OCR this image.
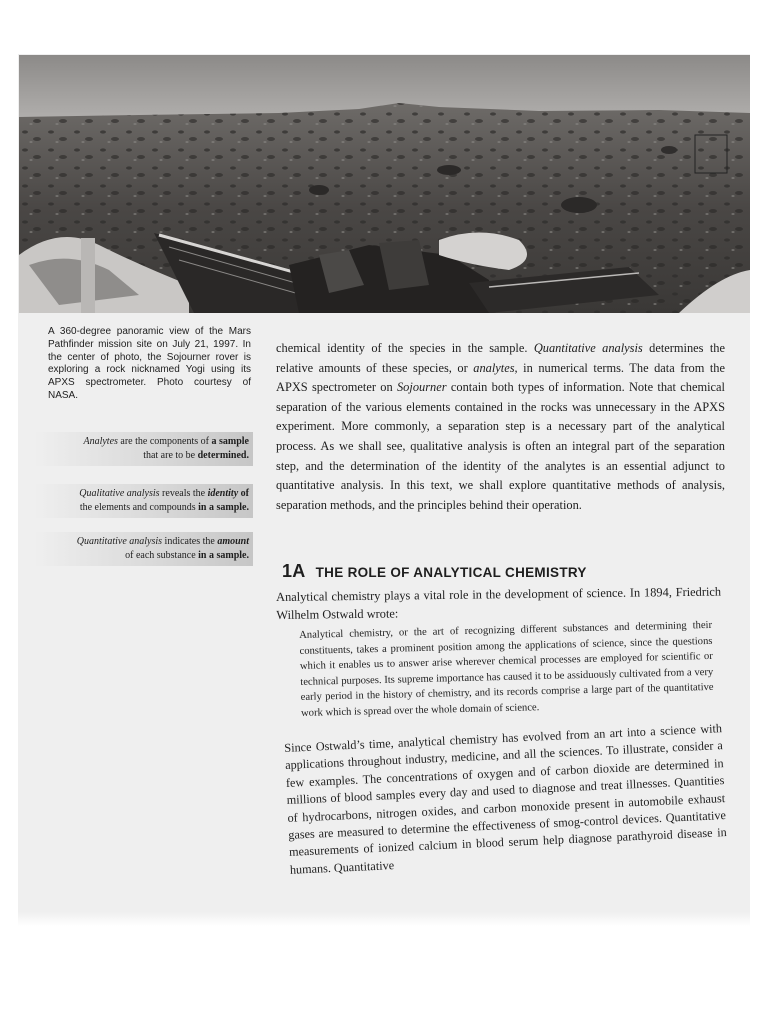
A 360-degree panoramic view of the Mars Pathfinder mission site on July 21, 1997. In the center of photo, the Sojourner rover is exploring a rock nicknamed Yogi using its APXS spectrometer. Photo courtesy of NASA.
Analytes are the components of a sample
that are to be determined.
Qualitative analysis reveals the identity of
the elements and compounds in a sample.
Quantitative analysis indicates the amount
of each substance in a sample.
chemical identity of the species in the sample. Quantitative analysis determines the relative amounts of these species, or analytes, in numerical terms. The data from the APXS spectrometer on Sojourner contain both types of information. Note that chemical separation of the various elements contained in the rocks was unnecessary in the APXS experiment. More commonly, a separation step is a necessary part of the analytical process. As we shall see, qualitative analysis is often an integral part of the separation step, and the determination of the identity of the analytes is an essential adjunct to quantitative analysis. In this text, we shall explore quantitative methods of analysis, separation methods, and the principles behind their operation.
1A THE ROLE OF ANALYTICAL CHEMISTRY
Analytical chemistry plays a vital role in the development of science. In 1894, Friedrich Wilhelm Ostwald wrote:
Analytical chemistry, or the art of recognizing different substances and determining their constituents, takes a prominent position among the applications of science, since the questions which it enables us to answer arise wherever chemical processes are employed for scientific or technical purposes. Its supreme importance has caused it to be assiduously cultivated from a very early period in the history of chemistry, and its records comprise a large part of the quantitative work which is spread over the whole domain of science.
Since Ostwald’s time, analytical chemistry has evolved from an art into a science with applications throughout industry, medicine, and all the sciences. To illustrate, consider a few examples. The concentrations of oxygen and of carbon dioxide are determined in millions of blood samples every day and used to diagnose and treat illnesses. Quantities of hydrocarbons, nitrogen oxides, and carbon monoxide present in automobile exhaust gases are measured to determine the effectiveness of smog-control devices. Quantitative measurements of ionized calcium in blood serum help diagnose parathyroid disease in humans. Quantitative
